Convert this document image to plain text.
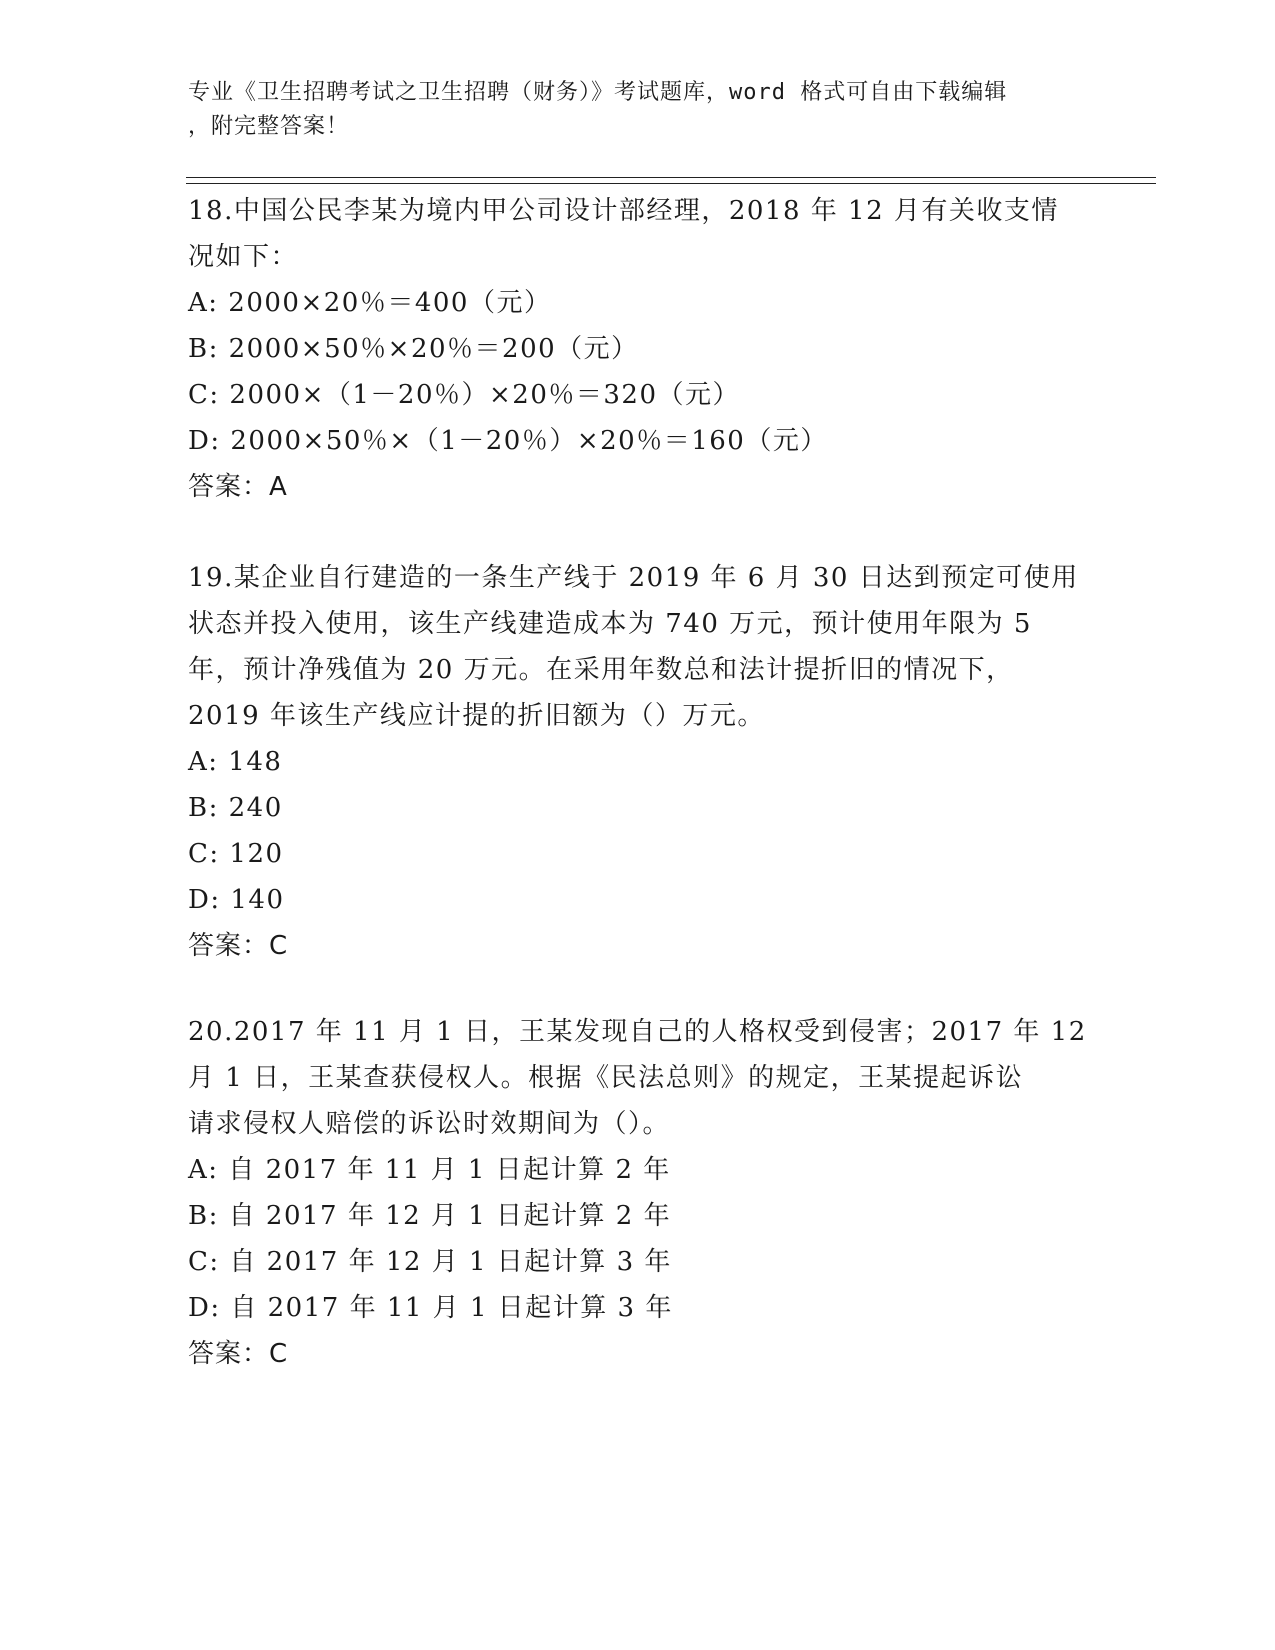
专业《卫生招聘考试之卫生招聘（财务）》考试题库，word 格式可自由下载编辑
，附完整答案！
18.中国公民李某为境内甲公司设计部经理，2018 年 12 月有关收支情
况如下：
A: 2000×20％＝400（元）
B: 2000×50％×20％＝200（元）
C: 2000×（1－20％）×20％＝320（元）
D: 2000×50％×（1－20％）×20％＝160（元）
答案：A
19.某企业自行建造的一条生产线于 2019 年 6 月 30 日达到预定可使用
状态并投入使用，该生产线建造成本为 740 万元，预计使用年限为 5
年，预计净残值为 20 万元。在采用年数总和法计提折旧的情况下，
2019 年该生产线应计提的折旧额为（）万元。
A: 148
B: 240
C: 120
D: 140
答案：C
20.2017 年 11 月 1 日，王某发现自己的人格权受到侵害；2017 年 12
月 1 日，王某查获侵权人。根据《民法总则》的规定，王某提起诉讼
请求侵权人赔偿的诉讼时效期间为（）。
A: 自 2017 年 11 月 1 日起计算 2 年
B: 自 2017 年 12 月 1 日起计算 2 年
C: 自 2017 年 12 月 1 日起计算 3 年
D: 自 2017 年 11 月 1 日起计算 3 年
答案：C
